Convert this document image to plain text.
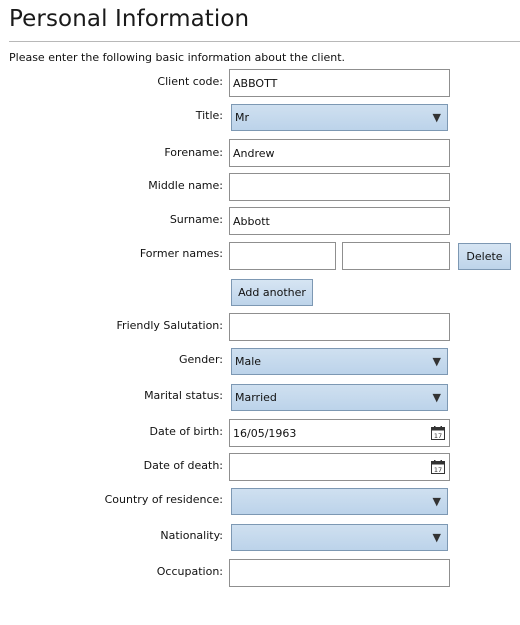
Personal Information
Please enter the following basic information about the client.
Client code:
ABBOTT
Title:	Mr	▼
Forename:
Andrew
Middle name:
Surname:
Abbott
Former names:	Delete
Add another
Friendly Salutation:
Gender:	Male	▼
Marital status:	Married	▼
Date of birth:
16/05/1963	17
Date of death:	17
Country of residence:	▼
Nationality:	▼
Occupation:
